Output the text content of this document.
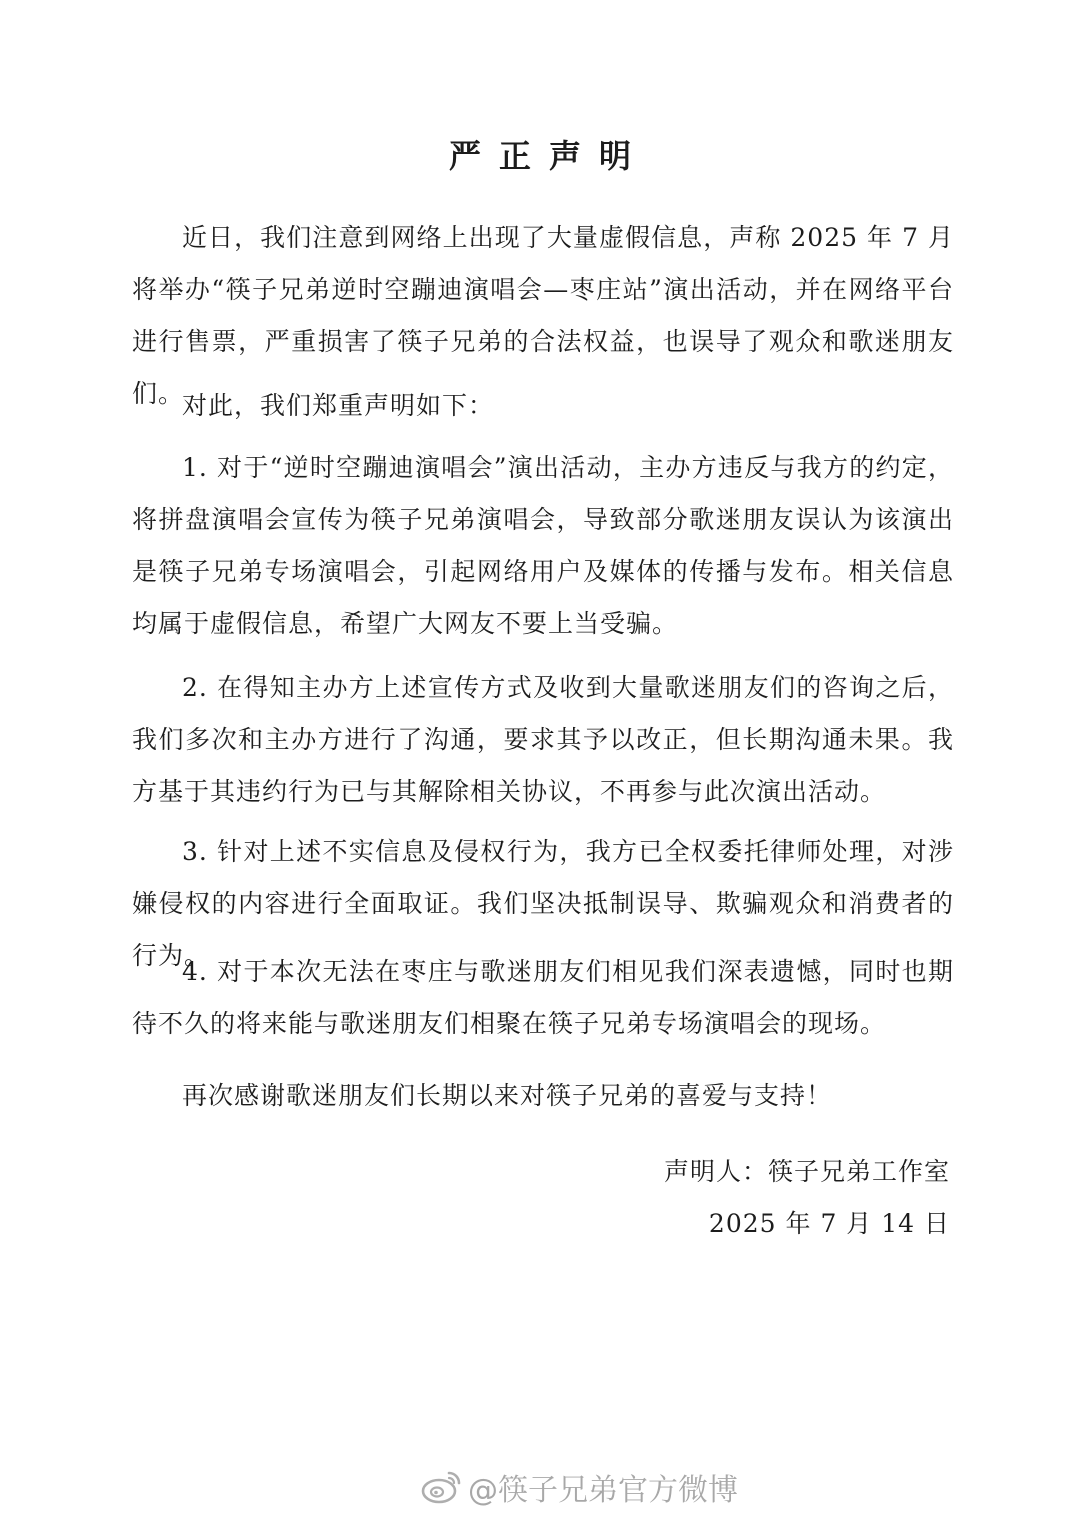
严正声明

近日，我们注意到网络上出现了大量虚假信息，声称 2025 年 7 月将举办“筷子兄弟逆时空蹦迪演唱会—枣庄站”演出活动，并在网络平台进行售票，严重损害了筷子兄弟的合法权益，也误导了观众和歌迷朋友们。

对此，我们郑重声明如下：

1. 对于“逆时空蹦迪演唱会”演出活动，主办方违反与我方的约定，将拼盘演唱会宣传为筷子兄弟演唱会，导致部分歌迷朋友误认为该演出是筷子兄弟专场演唱会，引起网络用户及媒体的传播与发布。相关信息均属于虚假信息，希望广大网友不要上当受骗。

2. 在得知主办方上述宣传方式及收到大量歌迷朋友们的咨询之后，我们多次和主办方进行了沟通，要求其予以改正，但长期沟通未果。我方基于其违约行为已与其解除相关协议，不再参与此次演出活动。

3. 针对上述不实信息及侵权行为，我方已全权委托律师处理，对涉嫌侵权的内容进行全面取证。我们坚决抵制误导、欺骗观众和消费者的行为。

4. 对于本次无法在枣庄与歌迷朋友们相见我们深表遗憾，同时也期待不久的将来能与歌迷朋友们相聚在筷子兄弟专场演唱会的现场。

再次感谢歌迷朋友们长期以来对筷子兄弟的喜爱与支持！

声明人：筷子兄弟工作室
2025 年 7 月 14 日
@筷子兄弟官方微博
